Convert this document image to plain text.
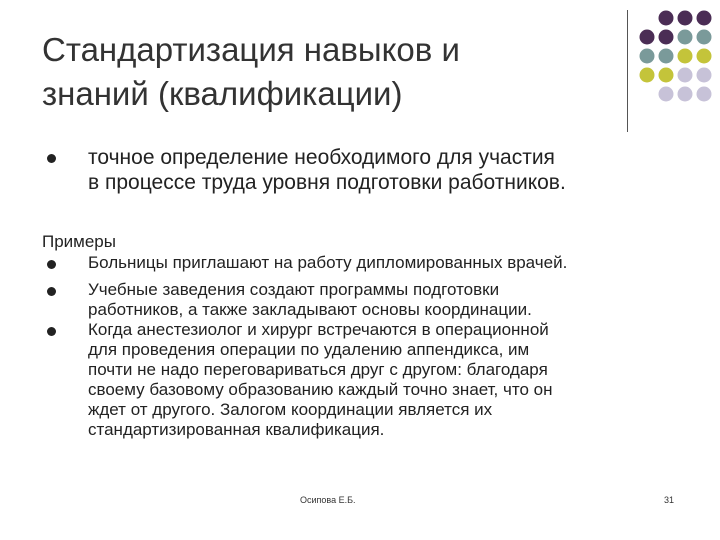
Стандартизация навыков и
знаний (квалификации)

точное определение необходимого для участия
в процессе труда уровня подготовки работников.

Примеры

Больницы приглашают на работу дипломированных врачей.

Учебные заведения создают программы подготовки
работников, а также закладывают основы координации.

Когда анестезиолог и хирург встречаются в операционной
для проведения операции по удалению аппендикса, им
почти не надо переговариваться друг с другом: благодаря
своему базовому образованию каждый точно знает, что он
ждет от другого. Залогом координации является их
стандартизированная квалификация.

Осипова Е.Б.	31
